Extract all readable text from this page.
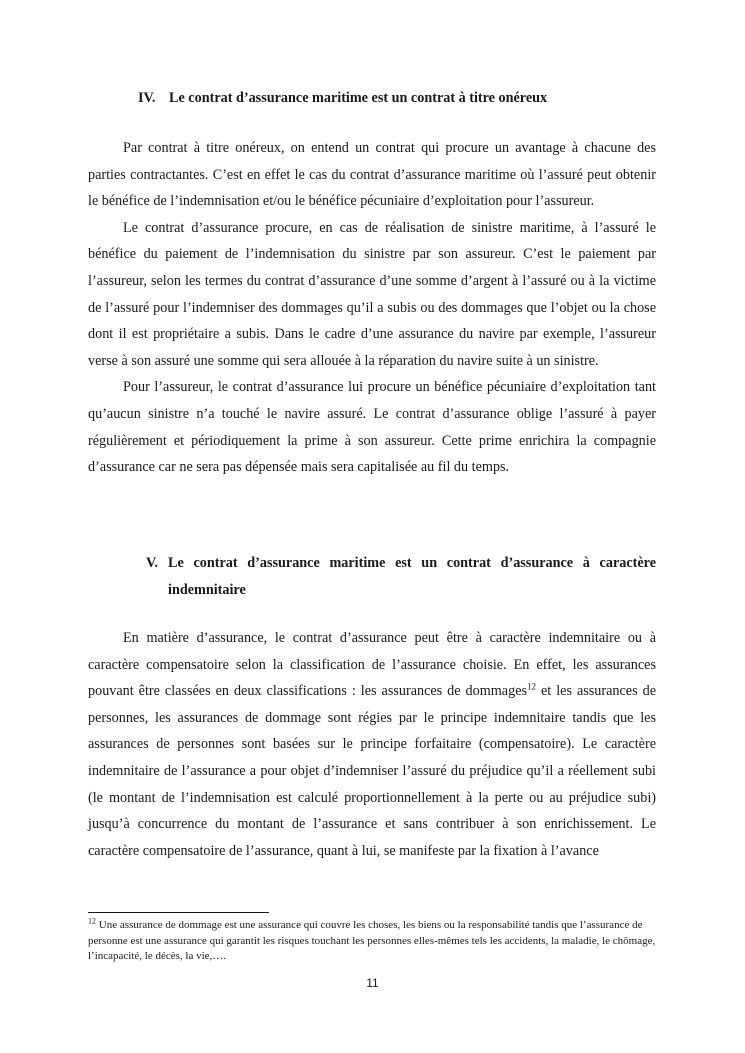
IV. Le contrat d’assurance maritime est un contrat à titre onéreux

Par contrat à titre onéreux, on entend un contrat qui procure un avantage à chacune des parties contractantes. C’est en effet le cas du contrat d’assurance maritime où l’assuré peut obtenir le bénéfice de l’indemnisation et/ou le bénéfice pécuniaire d’exploitation pour l’assureur.

Le contrat d’assurance procure, en cas de réalisation de sinistre maritime, à l’assuré le bénéfice du paiement de l’indemnisation du sinistre par son assureur. C’est le paiement par l’assureur, selon les termes du contrat d’assurance d’une somme d’argent à l’assuré ou à la victime de l’assuré pour l’indemniser des dommages qu’il a subis ou des dommages que l’objet ou la chose dont il est propriétaire a subis. Dans le cadre d’une assurance du navire par exemple, l’assureur verse à son assuré une somme qui sera allouée à la réparation du navire suite à un sinistre.

Pour l’assureur, le contrat d’assurance lui procure un bénéfice pécuniaire d’exploitation tant qu’aucun sinistre n’a touché le navire assuré. Le contrat d’assurance oblige l’assuré à payer régulièrement et périodiquement la prime à son assureur. Cette prime enrichira la compagnie d’assurance car ne sera pas dépensée mais sera capitalisée au fil du temps.

V. Le contrat d’assurance maritime est un contrat d’assurance à caractère indemnitaire

En matière d’assurance, le contrat d’assurance peut être à caractère indemnitaire ou à caractère compensatoire selon la classification de l’assurance choisie. En effet, les assurances pouvant être classées en deux classifications : les assurances de dommages$^{12}$ et les assurances de personnes, les assurances de dommage sont régies par le principe indemnitaire tandis que les assurances de personnes sont basées sur le principe forfaitaire (compensatoire). Le caractère indemnitaire de l’assurance a pour objet d’indemniser l’assuré du préjudice qu’il a réellement subi (le montant de l’indemnisation est calculé proportionnellement à la perte ou au préjudice subi) jusqu’à concurrence du montant de l’assurance et sans contribuer à son enrichissement. Le caractère compensatoire de l’assurance, quant à lui, se manifeste par la fixation à l’avance

$^{12}$ Une assurance de dommage est une assurance qui couvre les choses, les biens ou la responsabilité tandis que l’assurance de personne est une assurance qui garantit les risques touchant les personnes elles-mêmes tels les accidents, la maladie, le chômage, l’incapacité, le décès, la vie,….
11
